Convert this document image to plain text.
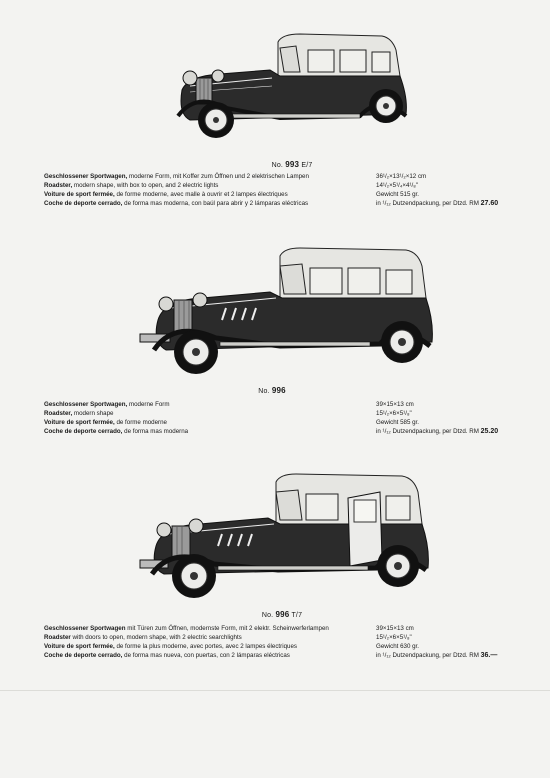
No. 993 E/7
Geschlossener Sportwagen, moderne Form, mit Koffer zum Öffnen und 2 elektrischen Lampen	36¹/₂×13¹/₂×12 cm
Roadster, modern shape, with box to open, and 2 electric lights	14¹/₂×5¹/₄×4¹/₈"
Voiture de sport fermée, de forme moderne, avec malle à ouvrir et 2 lampes électriques	Gewicht 515 gr.
Coche de deporte cerrado, de forma mas moderna, con baúl para abrir y 2 lámparas eléctricas	in ¹/₁₂ Dutzendpackung, per Dtzd. RM 27.60
No. 996
Geschlossener Sportwagen, moderne Form	39×15×13 cm
Roadster, modern shape	15¹/₂×6×5¹/₈"
Voiture de sport fermée, de forme moderne	Gewicht 585 gr.
Coche de deporte cerrado, de forma mas moderna	in ¹/₁₂ Dutzendpackung, per Dtzd. RM 25.20
No. 996 T/7
Geschlossener Sportwagen mit Türen zum Öffnen, modernste Form, mit 2 elektr. Scheinwerferlampen	39×15×13 cm
Roadster with doors to open, modern shape, with 2 electric searchlights	15¹/₂×6×5¹/₈"
Voiture de sport fermée, de forme la plus moderne, avec portes, avec 2 lampes électriques	Gewicht 630 gr.
Coche de deporte cerrado, de forma mas nueva, con puertas, con 2 lámparas eléctricas	in ¹/₁₂ Dutzendpackung, per Dtzd. RM 36.—
